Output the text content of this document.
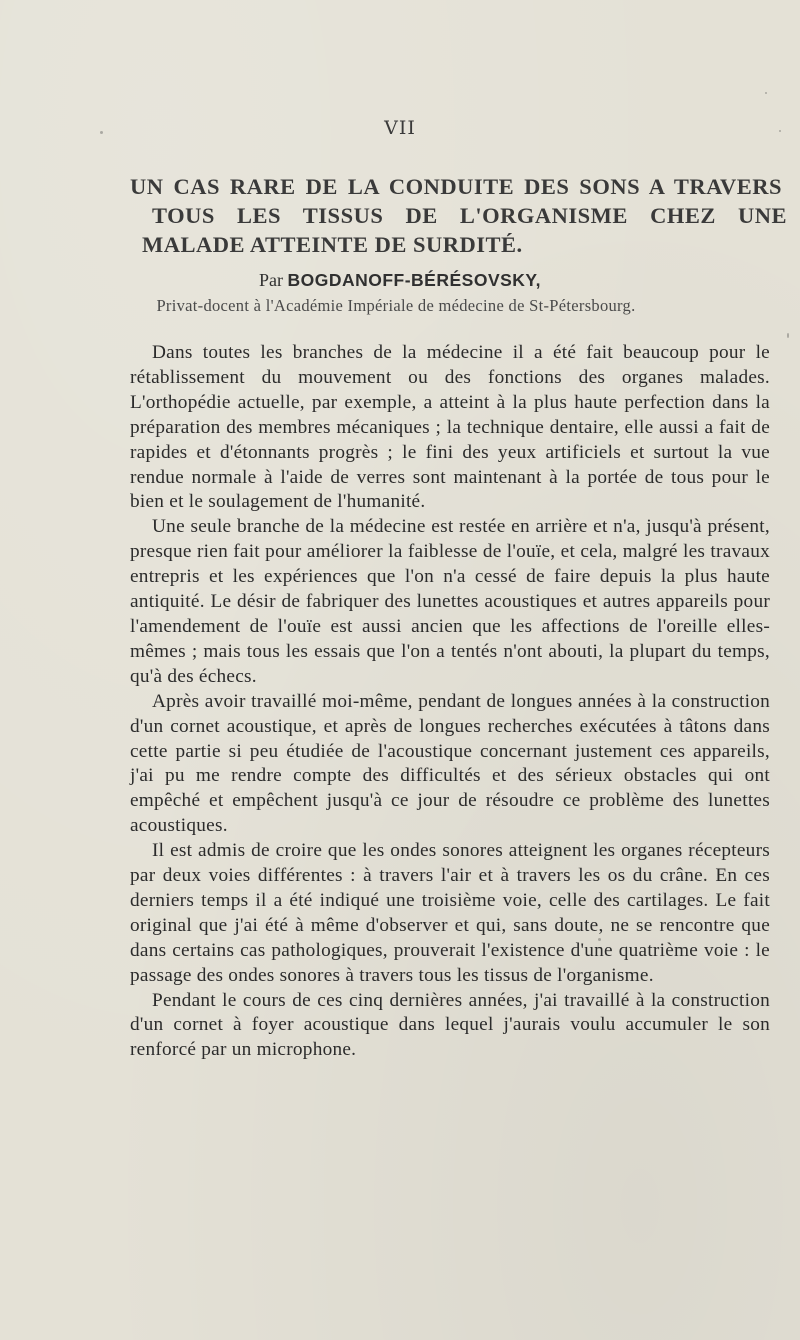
VII
UN CAS RARE DE LA CONDUITE DES SONS A TRAVERS
TOUS LES TISSUS DE L'ORGANISME CHEZ UNE
MALADE ATTEINTE DE SURDITÉ.
Par BOGDANOFF-BÉRÉSOVSKY,
Privat-docent à l'Académie Impériale de médecine de St-Pétersbourg.

Dans toutes les branches de la médecine il a été fait beaucoup pour le rétablissement du mouvement ou des fonctions des organes malades. L'orthopédie actuelle, par exemple, a atteint à la plus haute perfection dans la préparation des membres mécaniques ; la technique dentaire, elle aussi a fait de rapides et d'étonnants progrès ; le fini des yeux artificiels et surtout la vue rendue normale à l'aide de verres sont maintenant à la portée de tous pour le bien et le soulagement de l'humanité.

Une seule branche de la médecine est restée en arrière et n'a, jusqu'à présent, presque rien fait pour améliorer la faiblesse de l'ouïe, et cela, malgré les travaux entrepris et les expériences que l'on n'a cessé de faire depuis la plus haute antiquité. Le désir de fabriquer des lunettes acoustiques et autres appareils pour l'amendement de l'ouïe est aussi ancien que les affections de l'oreille elles-mêmes ; mais tous les essais que l'on a tentés n'ont abouti, la plupart du temps, qu'à des échecs.

Après avoir travaillé moi-même, pendant de longues années à la construction d'un cornet acoustique, et après de longues recherches exécutées à tâtons dans cette partie si peu étudiée de l'acoustique concernant justement ces appareils, j'ai pu me rendre compte des difficultés et des sérieux obstacles qui ont empêché et empêchent jusqu'à ce jour de résoudre ce problème des lunettes acoustiques.

Il est admis de croire que les ondes sonores atteignent les organes récepteurs par deux voies différentes : à travers l'air et à travers les os du crâne. En ces derniers temps il a été indiqué une troisième voie, celle des cartilages. Le fait original que j'ai été à même d'observer et qui, sans doute, ne se rencontre que dans certains cas pathologiques, prouverait l'existence d'une quatrième voie : le passage des ondes sonores à travers tous les tissus de l'organisme.

Pendant le cours de ces cinq dernières années, j'ai travaillé à la construction d'un cornet à foyer acoustique dans lequel j'aurais voulu accumuler le son renforcé par un microphone.
